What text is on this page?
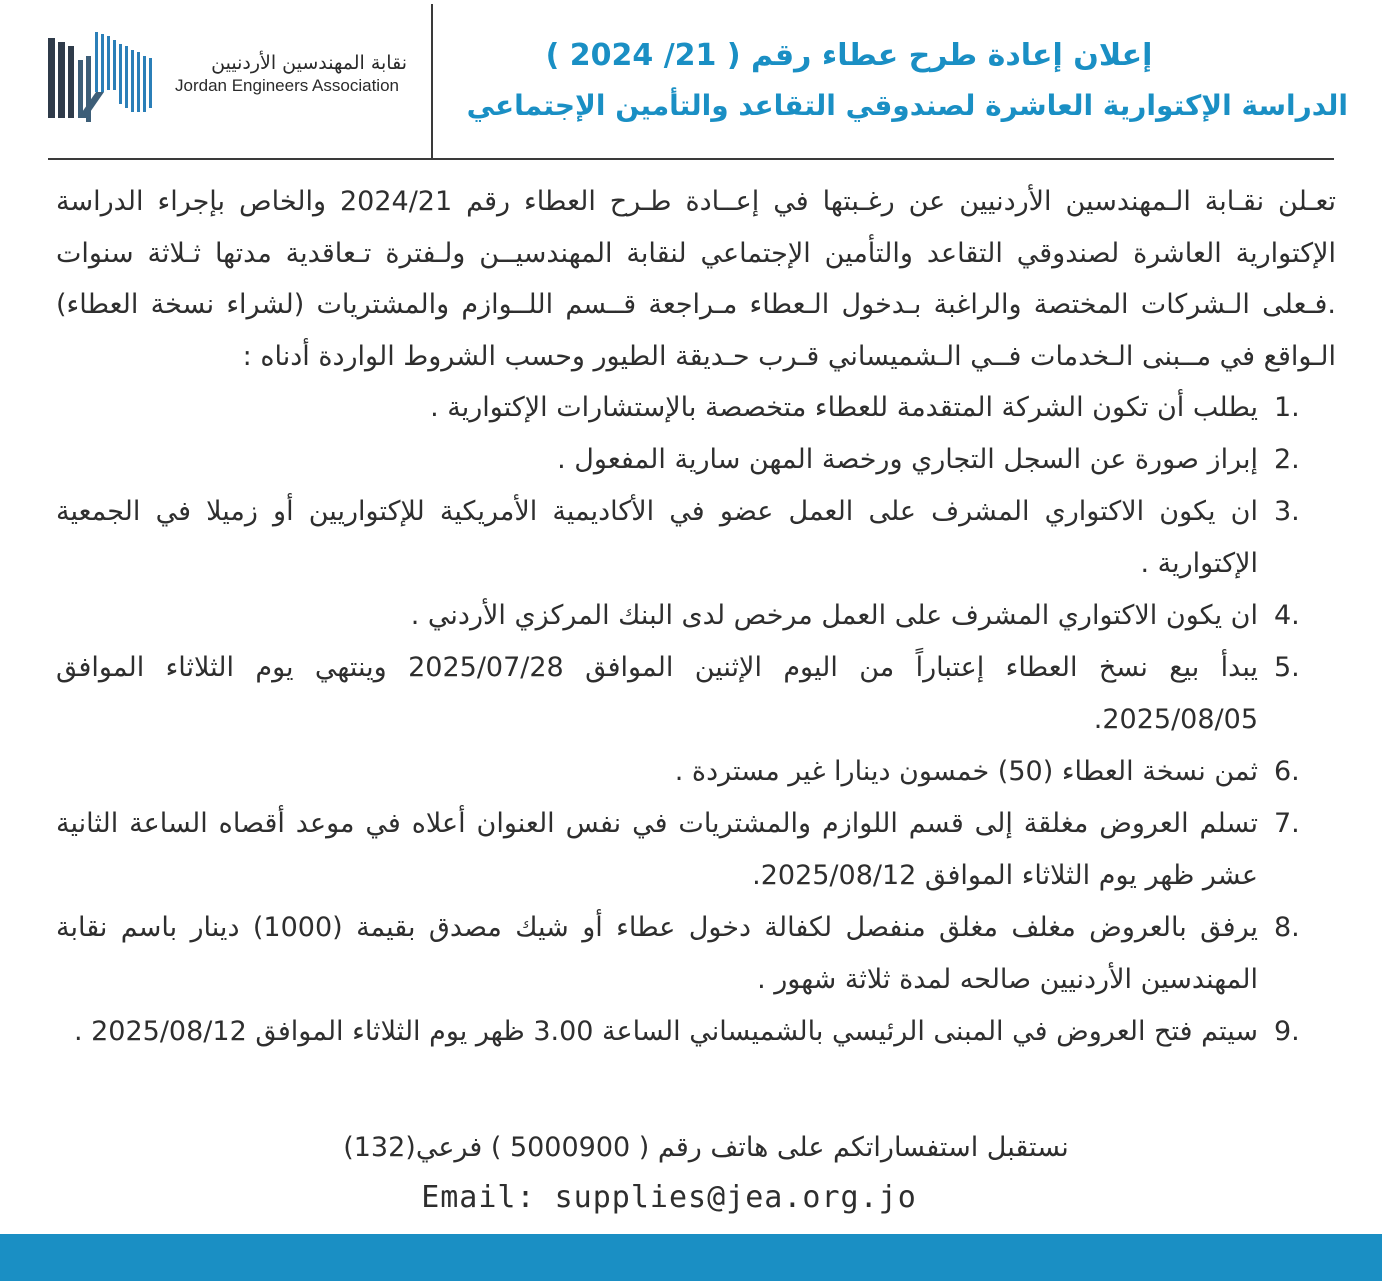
نقابة المهندسين الأردنيين
Jordan Engineers Association
إعلان إعادة طرح عطاء رقم ( 21/ 2024 )
الدراسة الإكتوارية العاشرة لصندوقي التقاعد والتأمين الإجتماعي
تعـلن نقـابة الـمهندسين الأردنيين عن رغـبتها في إعــادة طـرح العطاء رقم 2024/21 والخاص بإجراء الدراسة الإكتوارية العاشرة لصندوقي التقاعد والتأمين الإجتماعي لنقابة المهندسيــن ولـفترة تـعاقدية مدتها ثـلاثة سنوات .فـعلى الـشركات المختصة والراغبة بـدخول الـعطاء مـراجعة قــسم اللــوازم والمشتريات (لشراء نسخة العطاء) الـواقع في مــبنى الـخدمات فــي الـشميساني قـرب حـديقة الطيور وحسب الشروط الواردة أدناه :
1.
يطلب أن تكون الشركة المتقدمة للعطاء متخصصة بالإستشارات الإكتوارية .
2.
إبراز صورة عن السجل التجاري ورخصة المهن سارية المفعول .
3.
ان يكون الاكتواري المشرف على العمل عضو في الأكاديمية الأمريكية للإكتواريين أو زميلا في الجمعية الإكتوارية .
4.
ان يكون الاكتواري المشرف على العمل مرخص لدى البنك المركزي الأردني .
5.
يبدأ بيع نسخ العطاء إعتباراً من اليوم الإثنين الموافق 2025/07/28 وينتهي يوم الثلاثاء الموافق 2025/08/05.
6.
ثمن نسخة العطاء (50) خمسون دينارا غير مستردة .
7.
تسلم العروض مغلقة إلى قسم اللوازم والمشتريات في نفس العنوان أعلاه في موعد أقصاه الساعة الثانية عشر ظهر يوم الثلاثاء الموافق 2025/08/12.
8.
يرفق بالعروض مغلف مغلق منفصل لكفالة دخول عطاء أو شيك مصدق بقيمة (1000) دينار باسم نقابة المهندسين الأردنيين صالحه لمدة ثلاثة شهور .
9.
سيتم فتح العروض في المبنى الرئيسي بالشميساني الساعة 3.00 ظهر يوم الثلاثاء الموافق 2025/08/12 .
نستقبل استفساراتكم على هاتف رقم ( 5000900 ) فرعي(132)
Email: supplies@jea.org.jo
